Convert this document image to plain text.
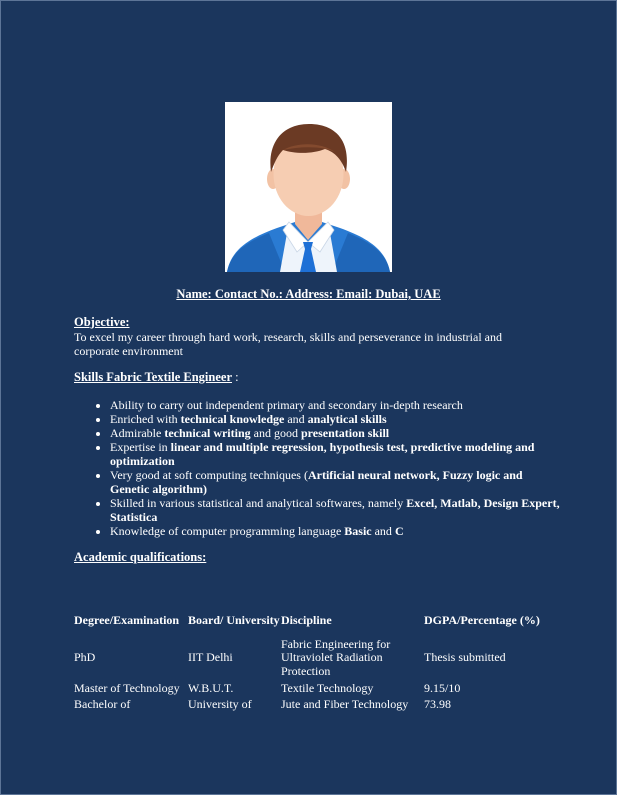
Name: Contact No.: Address: Email: Dubai, UAE
Objective:
To excel my career through hard work, research, skills and perseverance in industrial and corporate environment
Skills Fabric Textile Engineer :
• Ability to carry out independent primary and secondary in-depth research
• Enriched with technical knowledge and analytical skills
• Admirable technical writing and good presentation skill
• Expertise in linear and multiple regression, hypothesis test, predictive modeling and optimization
• Very good at soft computing techniques (Artificial neural network, Fuzzy logic and Genetic algorithm)
• Skilled in various statistical and analytical softwares, namely Excel, Matlab, Design Expert, Statistica
• Knowledge of computer programming language Basic and C
Academic qualifications:
Degree/Examination	Board/ University	Discipline	DGPA/Percentage (%)
PhD	IIT Delhi	Fabric Engineering for Ultraviolet Radiation Protection	Thesis submitted
Master of Technology	W.B.U.T.	Textile Technology	9.15/10
Bachelor of	University of	Jute and Fiber Technology	73.98
